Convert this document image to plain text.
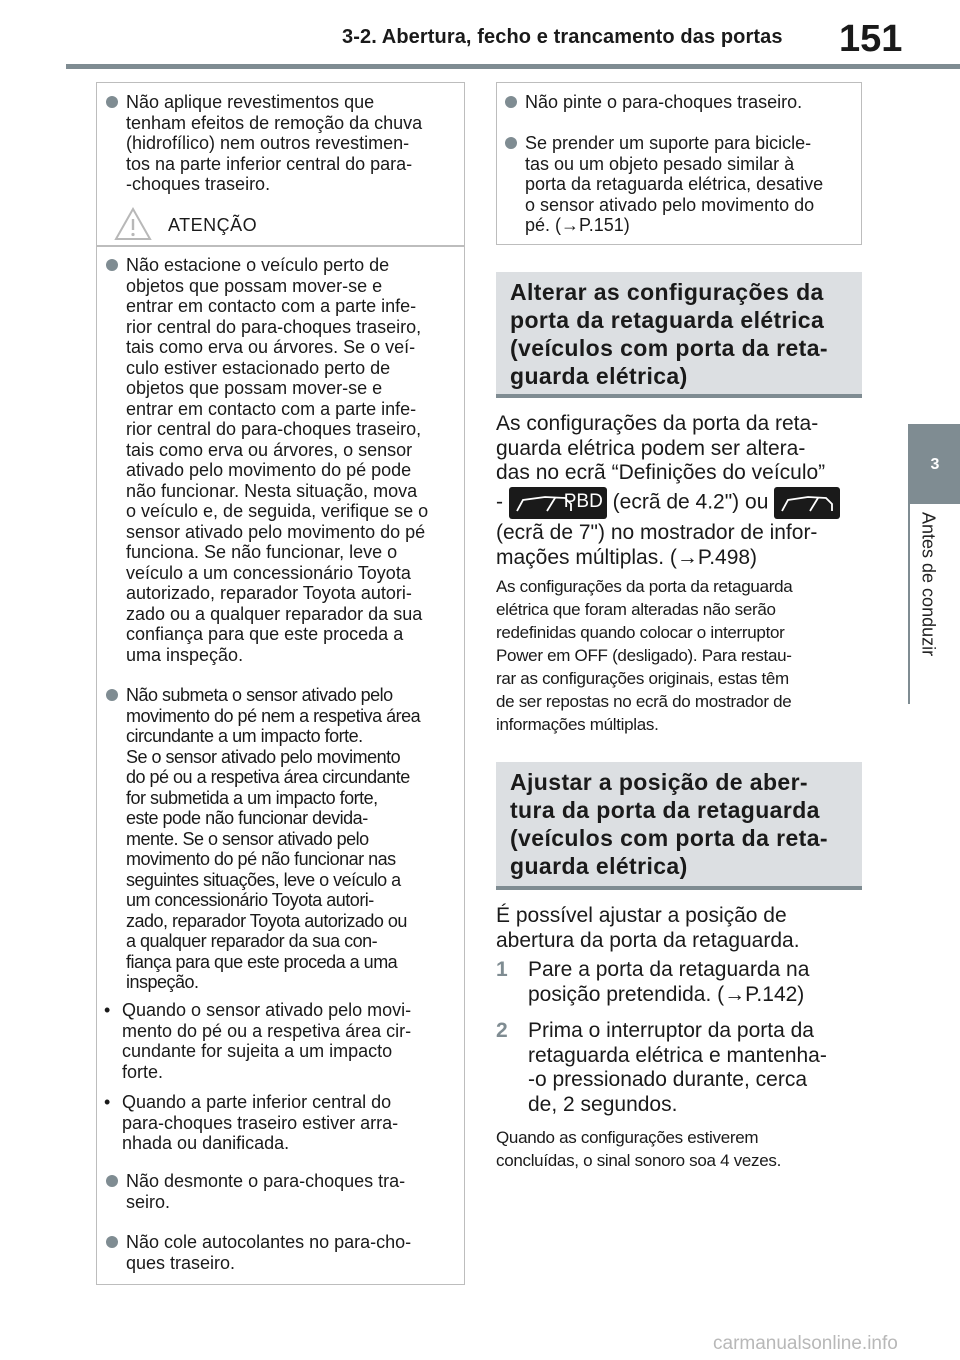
3-2. Abertura, fecho e trancamento das portas 151
3
Antes de conduzir
Não aplique revestimentos que
tenham efeitos de remoção da chuva
(hidrofílico) nem outros revestimen-
tos na parte inferior central do para-
-choques traseiro.
ATENÇÃO
Não estacione o veículo perto de
objetos que possam mover-se e
entrar em contacto com a parte infe-
rior central do para-choques traseiro,
tais como erva ou árvores. Se o veí-
culo estiver estacionado perto de
objetos que possam mover-se e
entrar em contacto com a parte infe-
rior central do para-choques traseiro,
tais como erva ou árvores, o sensor
ativado pelo movimento do pé pode
não funcionar. Nesta situação, mova
o veículo e, de seguida, verifique se o
sensor ativado pelo movimento do pé
funciona. Se não funcionar, leve o
veículo a um concessionário Toyota
autorizado, reparador Toyota autori-
zado ou a qualquer reparador da sua
confiança para que este proceda a
uma inspeção.
Não submeta o sensor ativado pelo
movimento do pé nem a respetiva área
circundante a um impacto forte.
Se o sensor ativado pelo movimento
do pé ou a respetiva área circundante
for submetida a um impacto forte,
este pode não funcionar devida-
mente. Se o sensor ativado pelo
movimento do pé não funcionar nas
seguintes situações, leve o veículo a
um concessionário Toyota autori-
zado, reparador Toyota autorizado ou
a qualquer reparador da sua con-
fiança para que este proceda a uma
inspeção.
• Quando o sensor ativado pelo movi-
mento do pé ou a respetiva área cir-
cundante for sujeita a um impacto
forte.
• Quando a parte inferior central do
para-choques traseiro estiver arra-
nhada ou danificada.
Não desmonte o para-choques tra-
seiro.
Não cole autocolantes no para-cho-
ques traseiro.
Não pinte o para-choques traseiro.
Se prender um suporte para bicicle-
tas ou um objeto pesado similar à
porta da retaguarda elétrica, desative
o sensor ativado pelo movimento do
pé. (→P.151)
Alterar as configurações da
porta da retaguarda elétrica
(veículos com porta da reta-
guarda elétrica)
As configurações da porta da reta-
guarda elétrica podem ser altera-
das no ecrã “Definições do veículo”
-	PBD (ecrã de 4.2") ou
(ecrã de 7") no mostrador de infor-
mações múltiplas. (→P.498)
As configurações da porta da retaguarda
elétrica que foram alteradas não serão
redefinidas quando colocar o interruptor
Power em OFF (desligado). Para restau-
rar as configurações originais, estas têm
de ser repostas no ecrã do mostrador de
informações múltiplas.
Ajustar a posição de aber-
tura da porta da retaguarda
(veículos com porta da reta-
guarda elétrica)
É possível ajustar a posição de
abertura da porta da retaguarda.
1 Pare a porta da retaguarda na
posição pretendida. (→P.142)
2 Prima o interruptor da porta da
retaguarda elétrica e mantenha-
-o pressionado durante, cerca
de, 2 segundos.
Quando as configurações estiverem
concluídas, o sinal sonoro soa 4 vezes.
carmanualsonline.info
